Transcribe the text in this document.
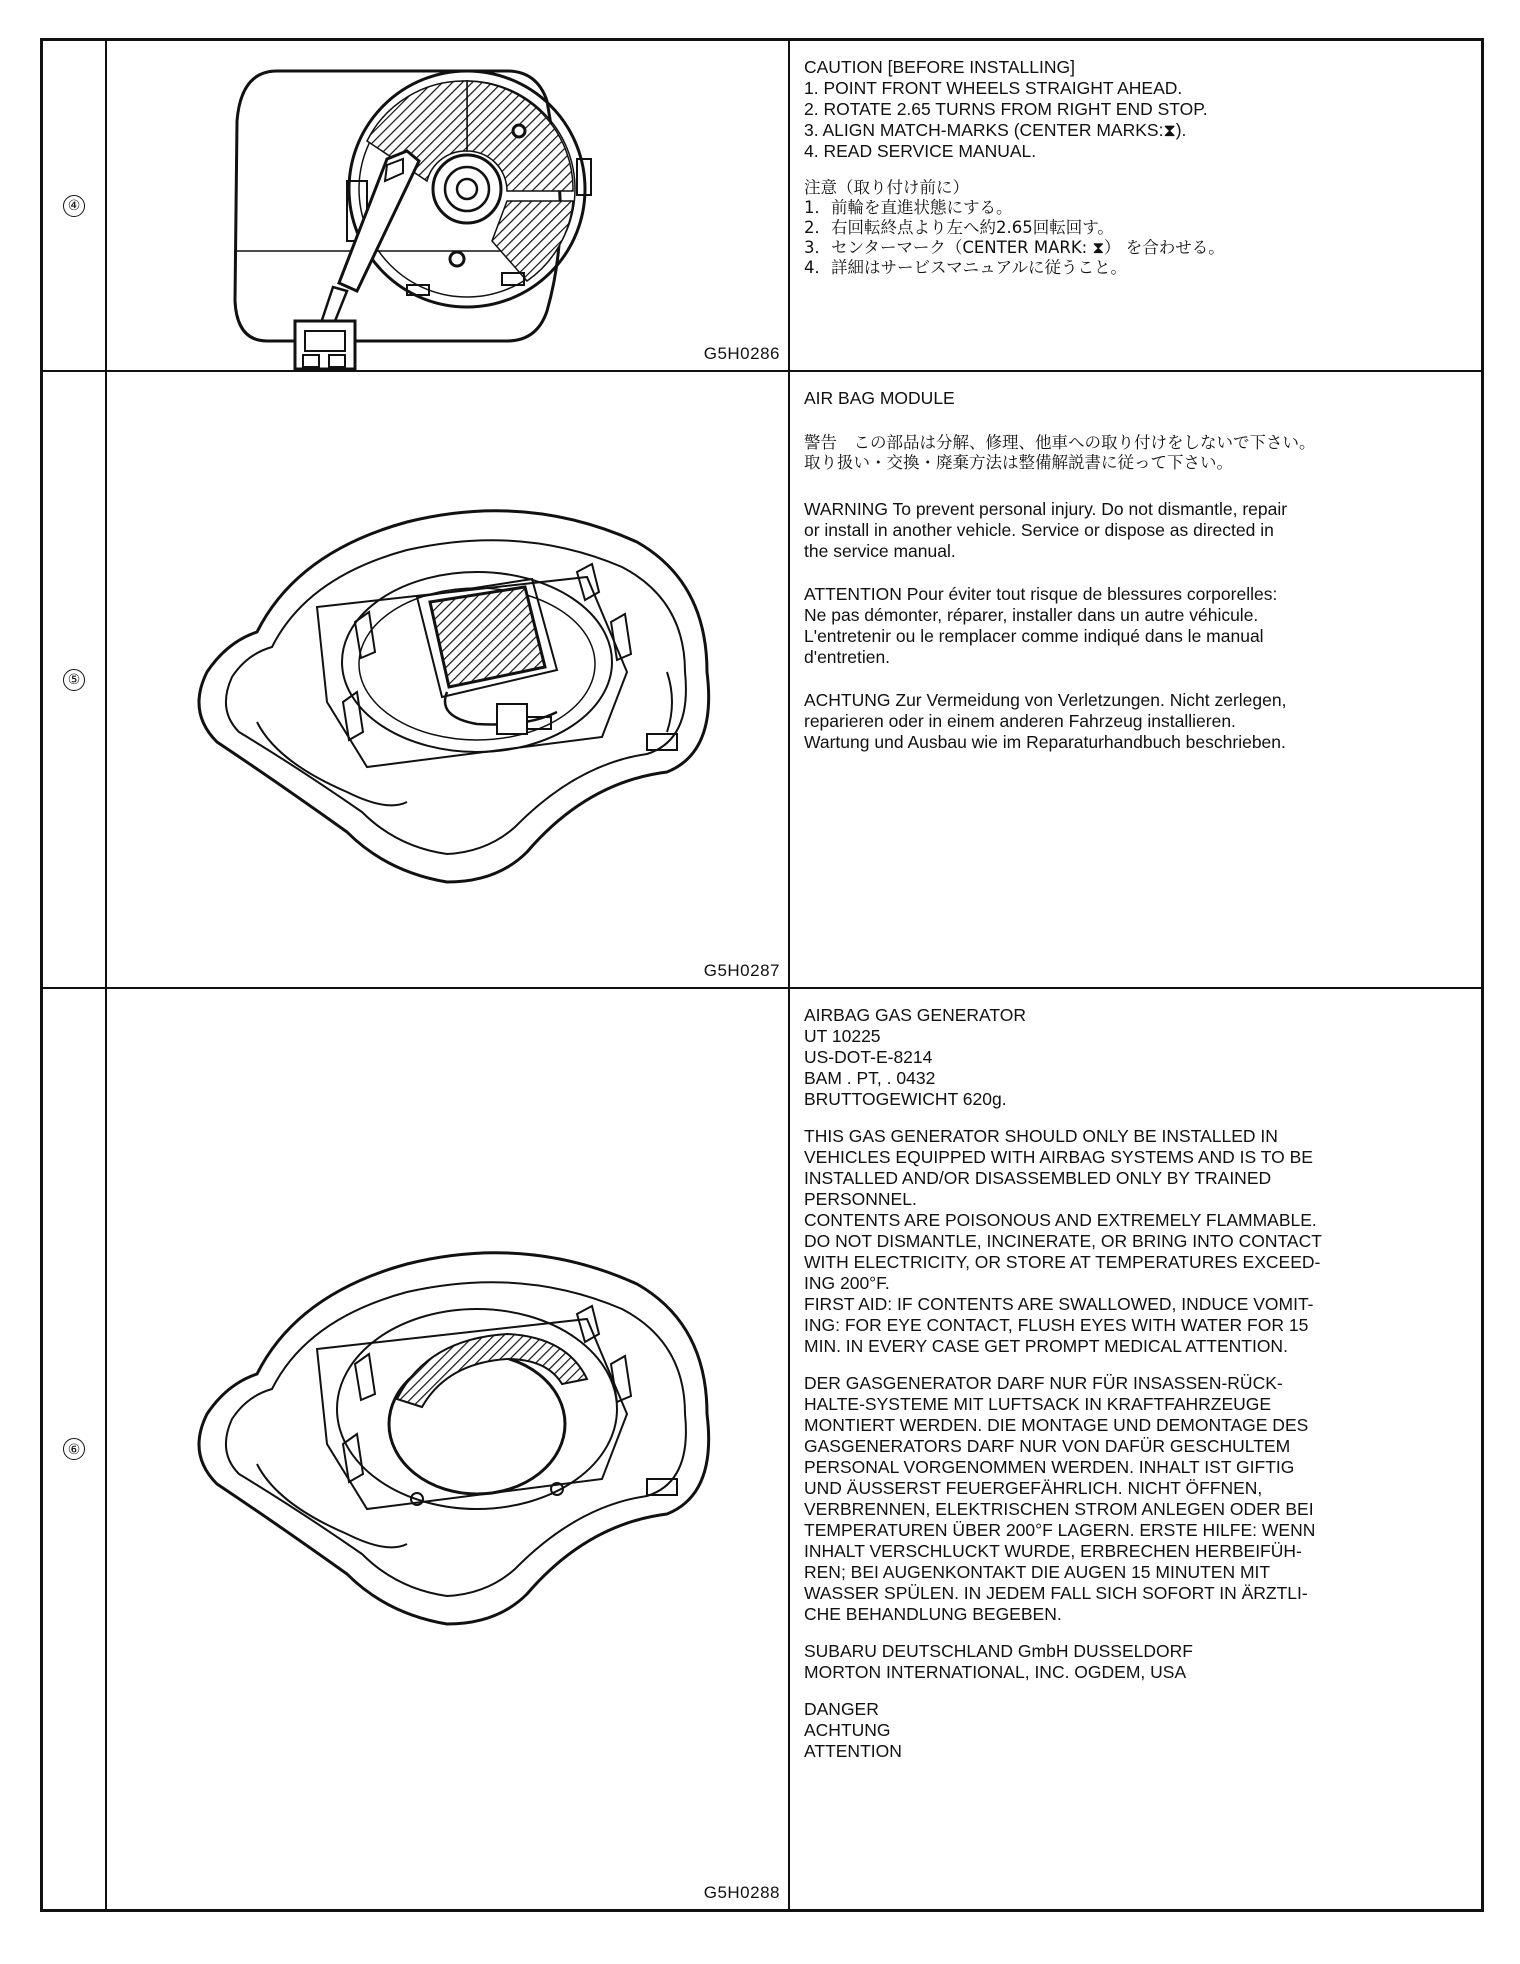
④
G5H0286

CAUTION [BEFORE INSTALLING]

1. POINT FRONT WHEELS STRAIGHT AHEAD.
2. ROTATE 2.65 TURNS FROM RIGHT END STOP.
3. ALIGN MATCH-MARKS (CENTER MARKS:⧗).
4. READ SERVICE MANUAL.

注意（取り付け前に）

1．前輪を直進状態にする。
2．右回転終点より左へ約2.65回転回す。
3．センターマーク（CENTER MARK: ⧗） を合わせる。
4．詳細はサービスマニュアルに従うこと。
⑤
G5H0287

AIR BAG MODULE

警告　この部品は分解、修理、他車への取り付けをしないで下さい。

取り扱い・交換・廃棄方法は整備解説書に従って下さい。

WARNING To prevent personal injury. Do not dismantle, repair

or install in another vehicle. Service or dispose as directed in

the service manual.

ATTENTION Pour éviter tout risque de blessures corporelles:

Ne pas démonter, réparer, installer dans un autre véhicule.

L'entretenir ou le remplacer comme indiqué dans le manual

d'entretien.

ACHTUNG Zur Vermeidung von Verletzungen. Nicht zerlegen,

reparieren oder in einem anderen Fahrzeug installieren.

Wartung und Ausbau wie im Reparaturhandbuch beschrieben.

⑥
G5H0288

AIRBAG GAS GENERATOR

UT 10225

US-DOT-E-8214

BAM . PT, . 0432

BRUTTOGEWICHT 620g.

THIS GAS GENERATOR SHOULD ONLY BE INSTALLED IN

VEHICLES EQUIPPED WITH AIRBAG SYSTEMS AND IS TO BE

INSTALLED AND/OR DISASSEMBLED ONLY BY TRAINED

PERSONNEL.

CONTENTS ARE POISONOUS AND EXTREMELY FLAMMABLE.

DO NOT DISMANTLE, INCINERATE, OR BRING INTO CONTACT

WITH ELECTRICITY, OR STORE AT TEMPERATURES EXCEED-

ING 200°F.

FIRST AID: IF CONTENTS ARE SWALLOWED, INDUCE VOMIT-

ING: FOR EYE CONTACT, FLUSH EYES WITH WATER FOR 15

MIN. IN EVERY CASE GET PROMPT MEDICAL ATTENTION.

DER GASGENERATOR DARF NUR FÜR INSASSEN-RÜCK-

HALTE-SYSTEME MIT LUFTSACK IN KRAFTFAHRZEUGE

MONTIERT WERDEN. DIE MONTAGE UND DEMONTAGE DES

GASGENERATORS DARF NUR VON DAFÜR GESCHULTEM

PERSONAL VORGENOMMEN WERDEN. INHALT IST GIFTIG

UND ÄUSSERST FEUERGEFÄHRLICH. NICHT ÖFFNEN,

VERBRENNEN, ELEKTRISCHEN STROM ANLEGEN ODER BEI

TEMPERATUREN ÜBER 200°F LAGERN. ERSTE HILFE: WENN

INHALT VERSCHLUCKT WURDE, ERBRECHEN HERBEIFÜH-

REN; BEI AUGENKONTAKT DIE AUGEN 15 MINUTEN MIT

WASSER SPÜLEN. IN JEDEM FALL SICH SOFORT IN ÄRZTLI-

CHE BEHANDLUNG BEGEBEN.

SUBARU DEUTSCHLAND GmbH DUSSELDORF

MORTON INTERNATIONAL, INC. OGDEM, USA

DANGER

ACHTUNG

ATTENTION
